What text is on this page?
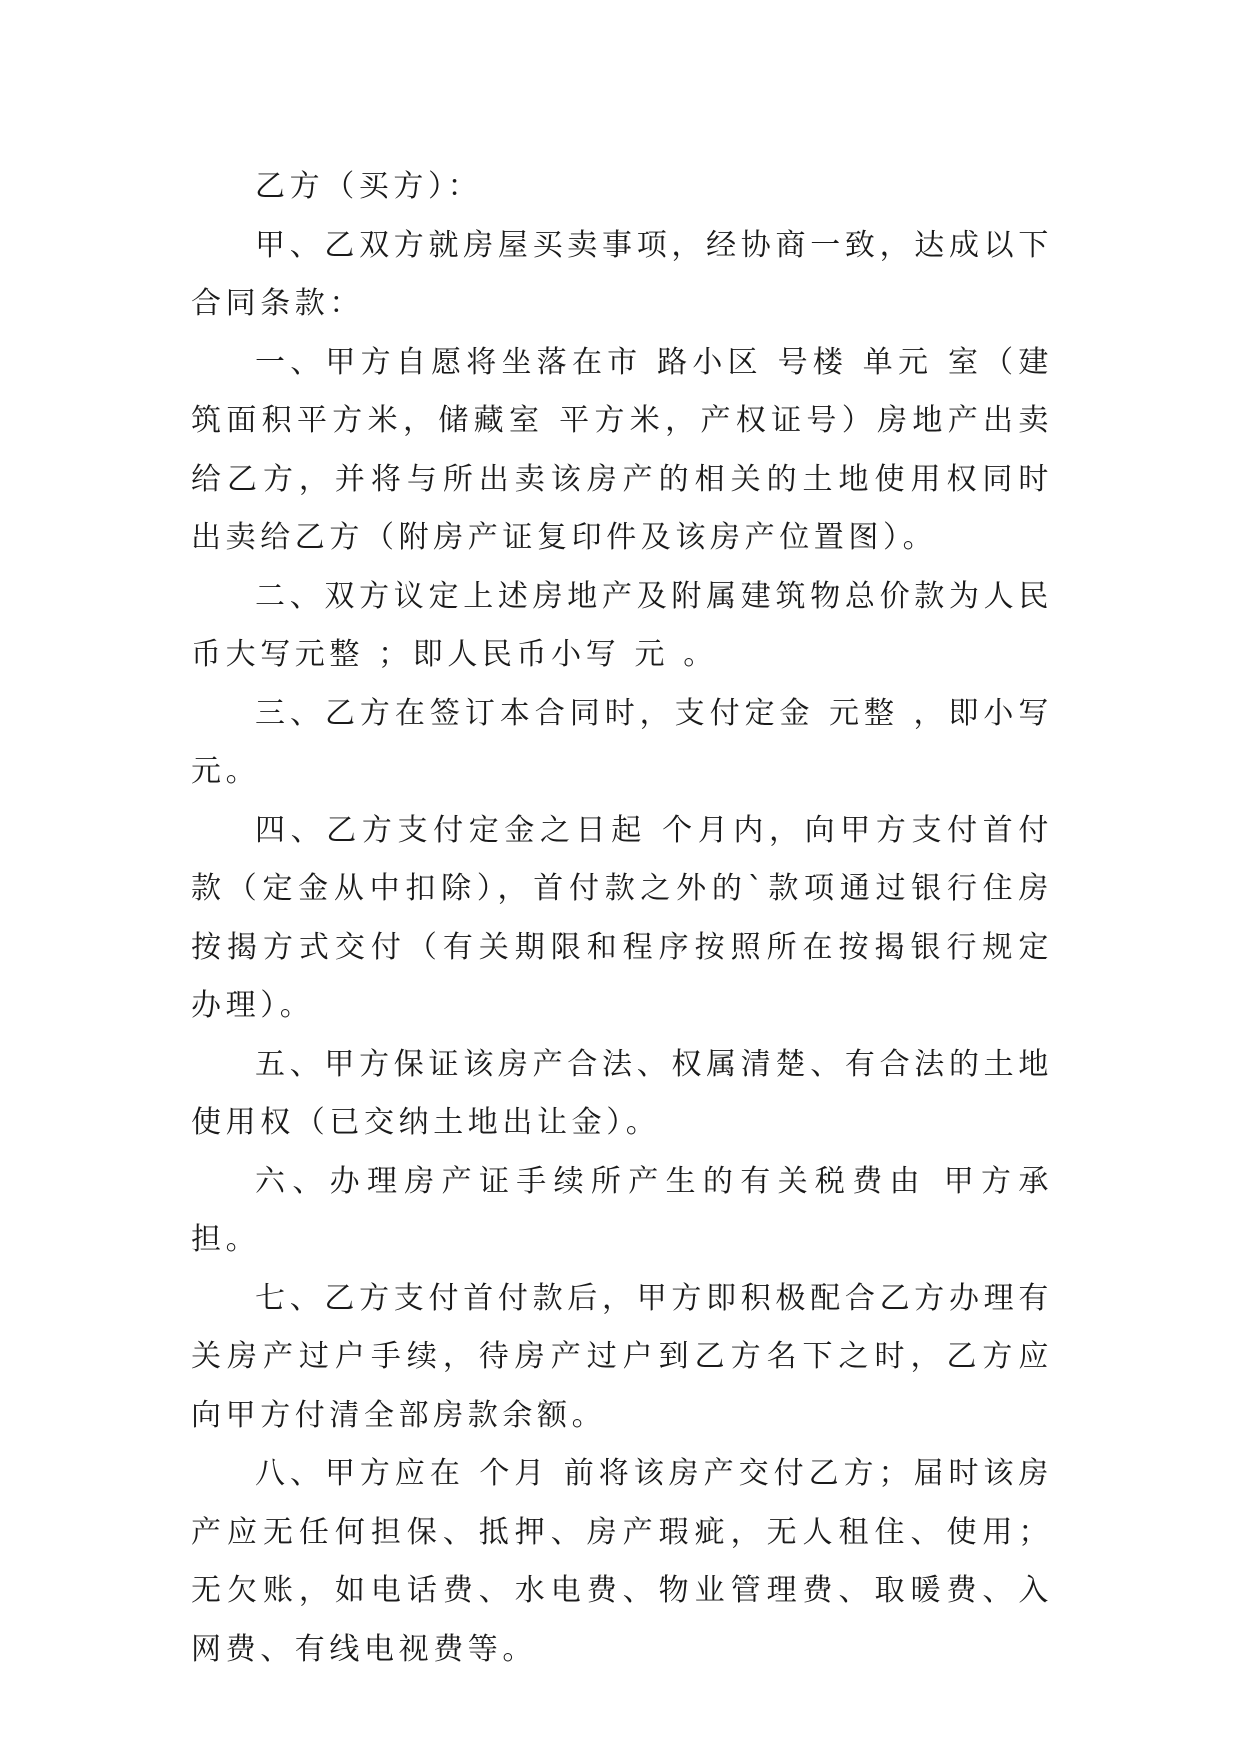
乙方（买方）：

甲、乙双方就房屋买卖事项，经协商一致，达成以下合同条款：

一、甲方自愿将坐落在市 路小区 号楼 单元 室（建筑面积平方米，储藏室 平方米，产权证号）房地产出卖给乙方，并将与所出卖该房产的相关的土地使用权同时出卖给乙方（附房产证复印件及该房产位置图）。

二、双方议定上述房地产及附属建筑物总价款为人民币大写元整 ；即人民币小写 元 。

三、乙方在签订本合同时，支付定金 元整 ，即小写元。

四、乙方支付定金之日起 个月内，向甲方支付首付款（定金从中扣除），首付款之外的`款项通过银行住房按揭方式交付（有关期限和程序按照所在按揭银行规定办理）。

五、甲方保证该房产合法、权属清楚、有合法的土地使用权（已交纳土地出让金）。

六、办理房产证手续所产生的有关税费由 甲方承担。

七、乙方支付首付款后，甲方即积极配合乙方办理有关房产过户手续，待房产过户到乙方名下之时，乙方应向甲方付清全部房款余额。

八、甲方应在 个月 前将该房产交付乙方；届时该房产应无任何担保、抵押、房产瑕疵，无人租住、使用；无欠账，如电话费、水电费、物业管理费、取暖费、入网费、有线电视费等。
